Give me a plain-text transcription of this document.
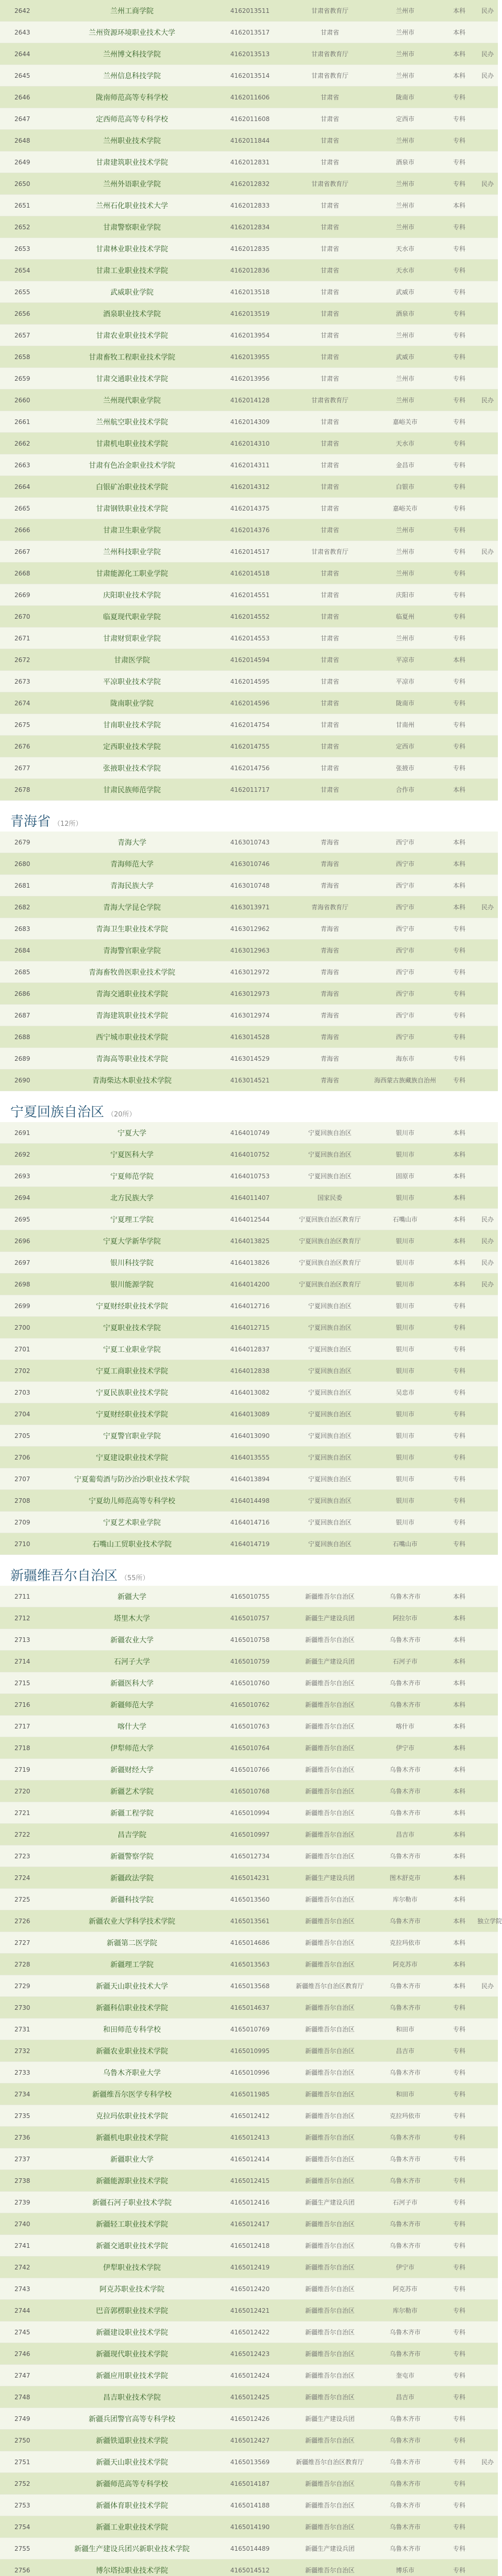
2642	兰州工商学院	4162013511	甘肃省教育厅	兰州市	本科	民办
2643	兰州资源环境职业技术大学	4162013517	甘肃省	兰州市	本科	
2644	兰州博文科技学院	4162013513	甘肃省教育厅	兰州市	本科	民办
2645	兰州信息科技学院	4162013514	甘肃省教育厅	兰州市	本科	民办
2646	陇南师范高等专科学校	4162011606	甘肃省	陇南市	专科	
2647	定西师范高等专科学校	4162011608	甘肃省	定西市	专科	
2648	兰州职业技术学院	4162011844	甘肃省	兰州市	专科	
2649	甘肃建筑职业技术学院	4162012831	甘肃省	酒泉市	专科	
2650	兰州外语职业学院	4162012832	甘肃省教育厅	兰州市	专科	民办
2651	兰州石化职业技术大学	4162012833	甘肃省	兰州市	本科	
2652	甘肃警察职业学院	4162012834	甘肃省	兰州市	专科	
2653	甘肃林业职业技术学院	4162012835	甘肃省	天水市	专科	
2654	甘肃工业职业技术学院	4162012836	甘肃省	天水市	专科	
2655	武威职业学院	4162013518	甘肃省	武威市	专科	
2656	酒泉职业技术学院	4162013519	甘肃省	酒泉市	专科	
2657	甘肃农业职业技术学院	4162013954	甘肃省	兰州市	专科	
2658	甘肃畜牧工程职业技术学院	4162013955	甘肃省	武威市	专科	
2659	甘肃交通职业技术学院	4162013956	甘肃省	兰州市	专科	
2660	兰州现代职业学院	4162014128	甘肃省教育厅	兰州市	专科	民办
2661	兰州航空职业技术学院	4162014309	甘肃省	嘉峪关市	专科	
2662	甘肃机电职业技术学院	4162014310	甘肃省	天水市	专科	
2663	甘肃有色冶金职业技术学院	4162014311	甘肃省	金昌市	专科	
2664	白银矿冶职业技术学院	4162014312	甘肃省	白银市	专科	
2665	甘肃钢铁职业技术学院	4162014375	甘肃省	嘉峪关市	专科	
2666	甘肃卫生职业学院	4162014376	甘肃省	兰州市	专科	
2667	兰州科技职业学院	4162014517	甘肃省教育厅	兰州市	专科	民办
2668	甘肃能源化工职业学院	4162014518	甘肃省	兰州市	专科	
2669	庆阳职业技术学院	4162014551	甘肃省	庆阳市	专科	
2670	临夏现代职业学院	4162014552	甘肃省	临夏州	专科	
2671	甘肃财贸职业学院	4162014553	甘肃省	兰州市	专科	
2672	甘肃医学院	4162014594	甘肃省	平凉市	本科	
2673	平凉职业技术学院	4162014595	甘肃省	平凉市	专科	
2674	陇南职业学院	4162014596	甘肃省	陇南市	专科	
2675	甘南职业技术学院	4162014754	甘肃省	甘南州	专科	
2676	定西职业技术学院	4162014755	甘肃省	定西市	专科	
2677	张掖职业技术学院	4162014756	甘肃省	张掖市	专科	
2678	甘肃民族师范学院	4162011717	甘肃省	合作市	本科	
青海省 （12所）
2679	青海大学	4163010743	青海省	西宁市	本科	
2680	青海师范大学	4163010746	青海省	西宁市	本科	
2681	青海民族大学	4163010748	青海省	西宁市	本科	
2682	青海大学昆仑学院	4163013971	青海省教育厅	西宁市	本科	民办
2683	青海卫生职业技术学院	4163012962	青海省	西宁市	专科	
2684	青海警官职业学院	4163012963	青海省	西宁市	专科	
2685	青海畜牧兽医职业技术学院	4163012972	青海省	西宁市	专科	
2686	青海交通职业技术学院	4163012973	青海省	西宁市	专科	
2687	青海建筑职业技术学院	4163012974	青海省	西宁市	专科	
2688	西宁城市职业技术学院	4163014528	青海省	西宁市	专科	
2689	青海高等职业技术学院	4163014529	青海省	海东市	专科	
2690	青海柴达木职业技术学院	4163014521	青海省	海西蒙古族藏族自治州	专科	
宁夏回族自治区 （20所）
2691	宁夏大学	4164010749	宁夏回族自治区	银川市	本科	
2692	宁夏医科大学	4164010752	宁夏回族自治区	银川市	本科	
2693	宁夏师范学院	4164010753	宁夏回族自治区	固原市	本科	
2694	北方民族大学	4164011407	国家民委	银川市	本科	
2695	宁夏理工学院	4164012544	宁夏回族自治区教育厅	石嘴山市	本科	民办
2696	宁夏大学新华学院	4164013825	宁夏回族自治区教育厅	银川市	本科	民办
2697	银川科技学院	4164013826	宁夏回族自治区教育厅	银川市	本科	民办
2698	银川能源学院	4164014200	宁夏回族自治区教育厅	银川市	本科	民办
2699	宁夏财经职业技术学院	4164012716	宁夏回族自治区	银川市	专科	
2700	宁夏职业技术学院	4164012715	宁夏回族自治区	银川市	专科	
2701	宁夏工业职业学院	4164012837	宁夏回族自治区	银川市	专科	
2702	宁夏工商职业技术学院	4164012838	宁夏回族自治区	银川市	专科	
2703	宁夏民族职业技术学院	4164013082	宁夏回族自治区	吴忠市	专科	
2704	宁夏财经职业技术学院	4164013089	宁夏回族自治区	银川市	专科	
2705	宁夏警官职业学院	4164013090	宁夏回族自治区	银川市	专科	
2706	宁夏建设职业技术学院	4164013555	宁夏回族自治区	银川市	专科	
2707	宁夏葡萄酒与防沙治沙职业技术学院	4164013894	宁夏回族自治区	银川市	专科	
2708	宁夏幼儿师范高等专科学校	4164014498	宁夏回族自治区	银川市	专科	
2709	宁夏艺术职业学院	4164014716	宁夏回族自治区	银川市	专科	
2710	石嘴山工贸职业技术学院	4164014719	宁夏回族自治区	石嘴山市	专科	
新疆维吾尔自治区 （55所）
2711	新疆大学	4165010755	新疆维吾尔自治区	乌鲁木齐市	本科	
2712	塔里木大学	4165010757	新疆生产建设兵团	阿拉尔市	本科	
2713	新疆农业大学	4165010758	新疆维吾尔自治区	乌鲁木齐市	本科	
2714	石河子大学	4165010759	新疆生产建设兵团	石河子市	本科	
2715	新疆医科大学	4165010760	新疆维吾尔自治区	乌鲁木齐市	本科	
2716	新疆师范大学	4165010762	新疆维吾尔自治区	乌鲁木齐市	本科	
2717	喀什大学	4165010763	新疆维吾尔自治区	喀什市	本科	
2718	伊犁师范大学	4165010764	新疆维吾尔自治区	伊宁市	本科	
2719	新疆财经大学	4165010766	新疆维吾尔自治区	乌鲁木齐市	本科	
2720	新疆艺术学院	4165010768	新疆维吾尔自治区	乌鲁木齐市	本科	
2721	新疆工程学院	4165010994	新疆维吾尔自治区	乌鲁木齐市	本科	
2722	昌吉学院	4165010997	新疆维吾尔自治区	昌吉市	本科	
2723	新疆警察学院	4165012734	新疆维吾尔自治区	乌鲁木齐市	本科	
2724	新疆政法学院	4165014231	新疆生产建设兵团	图木舒克市	本科	
2725	新疆科技学院	4165013560	新疆维吾尔自治区	库尔勒市	本科	
2726	新疆农业大学科学技术学院	4165013561	新疆维吾尔自治区	乌鲁木齐市	本科	独立学院
2727	新疆第二医学院	4165014686	新疆维吾尔自治区	克拉玛依市	本科	
2728	新疆理工学院	4165013563	新疆维吾尔自治区	阿克苏市	本科	
2729	新疆天山职业技术大学	4165013568	新疆维吾尔自治区教育厅	乌鲁木齐市	本科	民办
2730	新疆科信职业技术学院	4165014637	新疆维吾尔自治区	乌鲁木齐市	专科	
2731	和田师范专科学校	4165010769	新疆维吾尔自治区	和田市	专科	
2732	新疆农业职业技术学院	4165010995	新疆维吾尔自治区	昌吉市	专科	
2733	乌鲁木齐职业大学	4165010996	新疆维吾尔自治区	乌鲁木齐市	专科	
2734	新疆维吾尔医学专科学校	4165011985	新疆维吾尔自治区	和田市	专科	
2735	克拉玛依职业技术学院	4165012412	新疆维吾尔自治区	克拉玛依市	专科	
2736	新疆机电职业技术学院	4165012413	新疆维吾尔自治区	乌鲁木齐市	专科	
2737	新疆职业大学	4165012414	新疆维吾尔自治区	乌鲁木齐市	专科	
2738	新疆能源职业技术学院	4165012415	新疆维吾尔自治区	乌鲁木齐市	专科	
2739	新疆石河子职业技术学院	4165012416	新疆生产建设兵团	石河子市	专科	
2740	新疆轻工职业技术学院	4165012417	新疆维吾尔自治区	乌鲁木齐市	专科	
2741	新疆交通职业技术学院	4165012418	新疆维吾尔自治区	乌鲁木齐市	专科	
2742	伊犁职业技术学院	4165012419	新疆维吾尔自治区	伊宁市	专科	
2743	阿克苏职业技术学院	4165012420	新疆维吾尔自治区	阿克苏市	专科	
2744	巴音郭楞职业技术学院	4165012421	新疆维吾尔自治区	库尔勒市	专科	
2745	新疆建设职业技术学院	4165012422	新疆维吾尔自治区	乌鲁木齐市	专科	
2746	新疆现代职业技术学院	4165012423	新疆维吾尔自治区	乌鲁木齐市	专科	
2747	新疆应用职业技术学院	4165012424	新疆维吾尔自治区	奎屯市	专科	
2748	昌吉职业技术学院	4165012425	新疆维吾尔自治区	昌吉市	专科	
2749	新疆兵团警官高等专科学校	4165012426	新疆生产建设兵团	乌鲁木齐市	专科	
2750	新疆铁道职业技术学院	4165012427	新疆维吾尔自治区	乌鲁木齐市	专科	
2751	新疆天山职业技术学院	4165013569	新疆维吾尔自治区教育厅	乌鲁木齐市	专科	民办
2752	新疆师范高等专科学校	4165014187	新疆维吾尔自治区	乌鲁木齐市	专科	
2753	新疆体育职业技术学院	4165014188	新疆维吾尔自治区	乌鲁木齐市	专科	
2754	新疆工业职业技术学院	4165014190	新疆维吾尔自治区	乌鲁木齐市	专科	
2755	新疆生产建设兵团兴新职业技术学院	4165014489	新疆生产建设兵团	乌鲁木齐市	专科	
2756	博尔塔拉职业技术学院	4165014512	新疆维吾尔自治区	博乐市	专科	
